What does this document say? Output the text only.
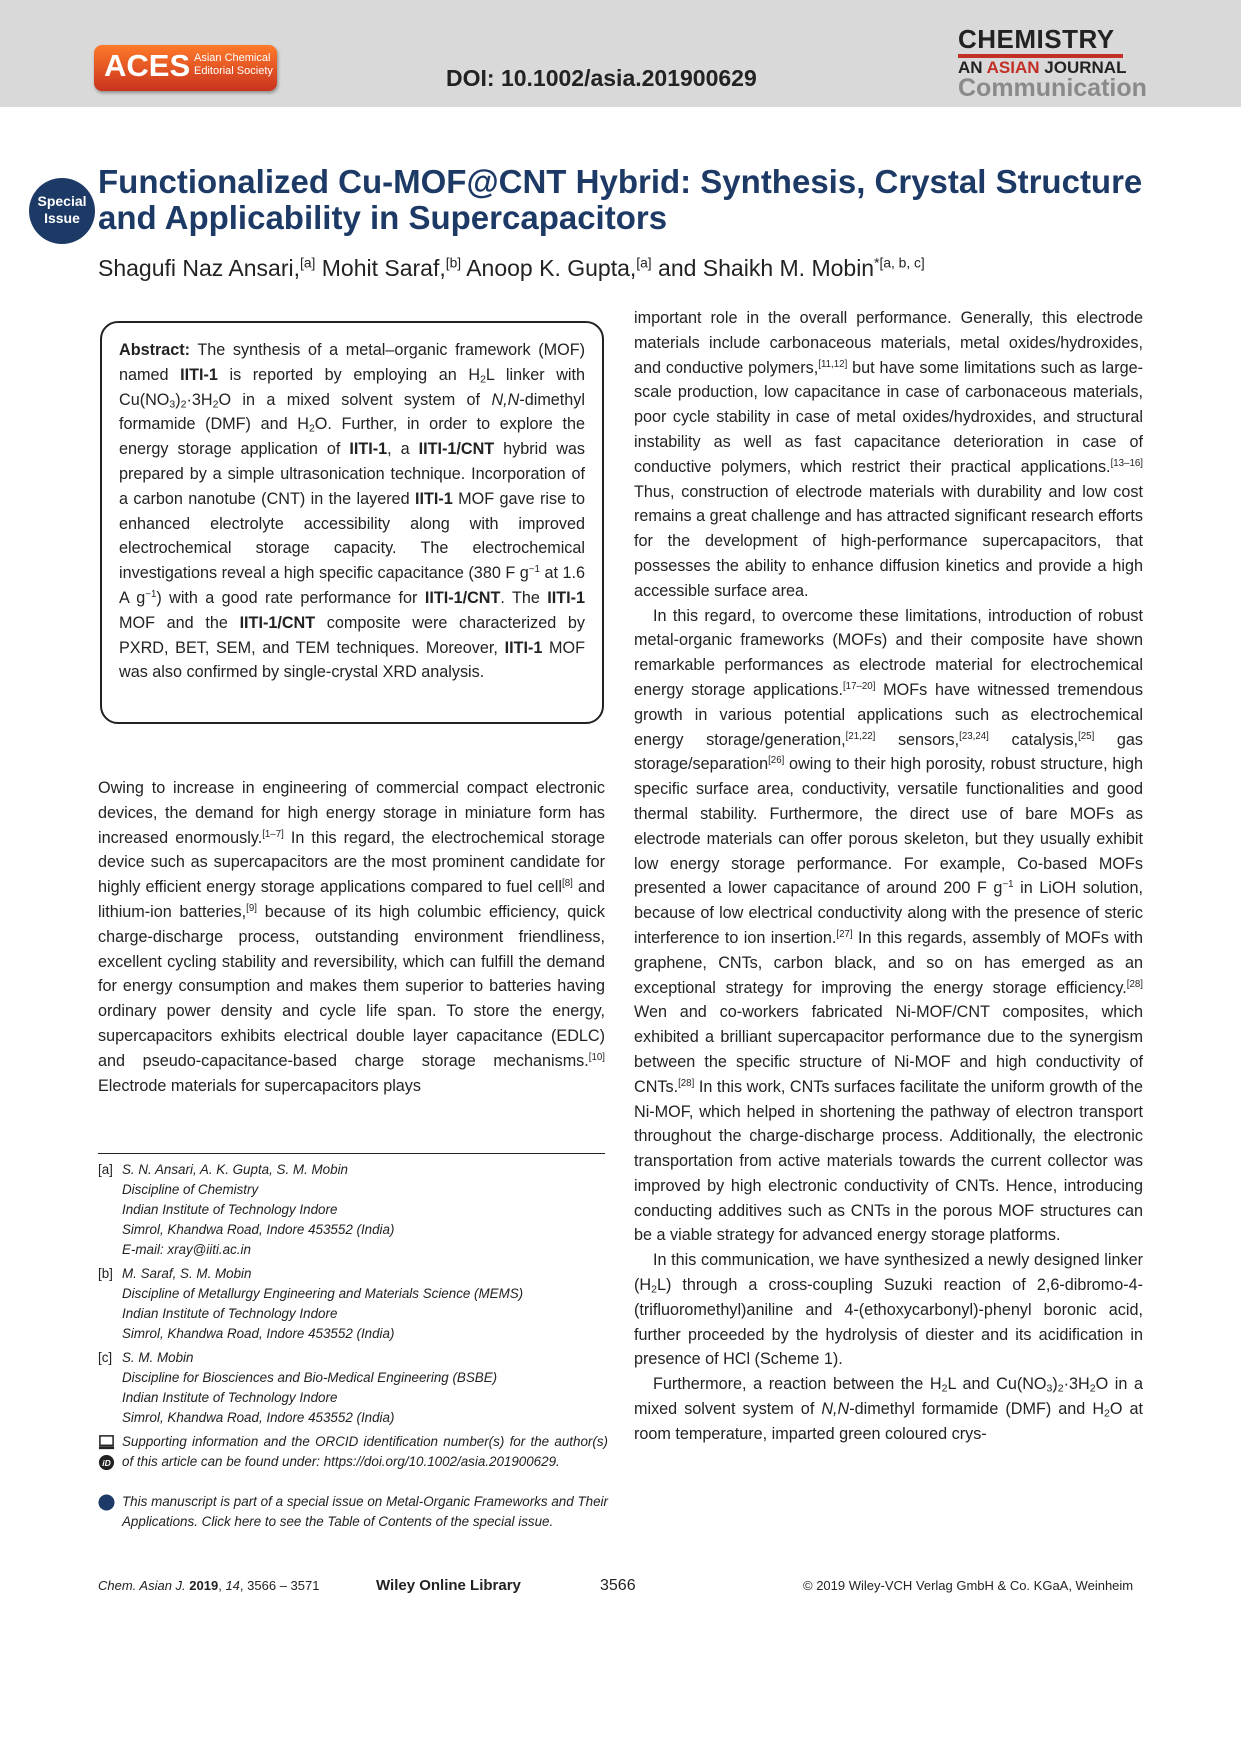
ACES Asian Chemical
Editorial Society	DOI: 10.1002/asia.201900629
CHEMISTRY
AN ASIAN JOURNAL
Communication
Special
Issue
Functionalized Cu-MOF@CNT Hybrid: Synthesis, Crystal Structure and Applicability in Supercapacitors
Shagufi Naz Ansari,[a] Mohit Saraf,[b] Anoop K. Gupta,[a] and Shaikh M. Mobin$^{*[a, b, c]}$

Abstract: The synthesis of a metal–organic framework (MOF) named IITI-1 is reported by employing an $H_2L$ linker with $Cu(NO_3)_2\cdot 3H_2O$ in a mixed solvent system of N,N-dimethyl formamide (DMF) and $H_2O$. Further, in order to explore the energy storage application of IITI-1, a IITI-1/CNT hybrid was prepared by a simple ultrasonication technique. Incorporation of a carbon nanotube (CNT) in the layered IITI-1 MOF gave rise to enhanced electrolyte accessibility along with improved electrochemical storage capacity. The electrochemical investigations reveal a high specific capacitance (380 F $g^{-1}$ at 1.6 A $g^{-1}$) with a good rate performance for IITI-1/CNT. The IITI-1 MOF and the IITI-1/CNT composite were characterized by PXRD, BET, SEM, and TEM techniques. Moreover, IITI-1 MOF was also confirmed by single-crystal XRD analysis.

Owing to increase in engineering of commercial compact electronic devices, the demand for high energy storage in miniature form has increased enormously.[1–7] In this regard, the electrochemical storage device such as supercapacitors are the most prominent candidate for highly efficient energy storage applications compared to fuel cell[8] and lithium-ion batteries,[9] because of its high columbic efficiency, quick charge-discharge process, outstanding environment friendliness, excellent cycling stability and reversibility, which can fulfill the demand for energy consumption and makes them superior to batteries having ordinary power density and cycle life span. To store the energy, supercapacitors exhibits electrical double layer capacitance (EDLC) and pseudo-capacitance-based charge storage mechanisms.[10] Electrode materials for supercapacitors plays

[a] S. N. Ansari, A. K. Gupta, S. M. Mobin
Discipline of Chemistry
Indian Institute of Technology Indore
Simrol, Khandwa Road, Indore 453552 (India)
E-mail: xray@iiti.ac.in
[b] M. Saraf, S. M. Mobin
Discipline of Metallurgy Engineering and Materials Science (MEMS)
Indian Institute of Technology Indore
Simrol, Khandwa Road, Indore 453552 (India)
[c] S. M. Mobin
Discipline for Biosciences and Bio-Medical Engineering (BSBE)
Indian Institute of Technology Indore
Simrol, Khandwa Road, Indore 453552 (India)
iD
Supporting information and the ORCID identification number(s) for the author(s) of this article can be found under: https://doi.org/10.1002/asia.201900629.
This manuscript is part of a special issue on Metal-Organic Frameworks and Their Applications. Click here to see the Table of Contents of the special issue.

important role in the overall performance. Generally, this electrode materials include carbonaceous materials, metal oxides/hydroxides, and conductive polymers,[11,12] but have some limitations such as large-scale production, low capacitance in case of carbonaceous materials, poor cycle stability in case of metal oxides/hydroxides, and structural instability as well as fast capacitance deterioration in case of conductive polymers, which restrict their practical applications.[13–16] Thus, construction of electrode materials with durability and low cost remains a great challenge and has attracted significant research efforts for the development of high-performance supercapacitors, that possesses the ability to enhance diffusion kinetics and provide a high accessible surface area.

In this regard, to overcome these limitations, introduction of robust metal-organic frameworks (MOFs) and their composite have shown remarkable performances as electrode material for electrochemical energy storage applications.[17–20] MOFs have witnessed tremendous growth in various potential applications such as electrochemical energy storage/generation,[21,22] sensors,[23,24] catalysis,[25] gas storage/separation[26] owing to their high porosity, robust structure, high specific surface area, conductivity, versatile functionalities and good thermal stability. Furthermore, the direct use of bare MOFs as electrode materials can offer porous skeleton, but they usually exhibit low energy storage performance. For example, Co-based MOFs presented a lower capacitance of around 200 F $g^{-1}$ in LiOH solution, because of low electrical conductivity along with the presence of steric interference to ion insertion.[27] In this regards, assembly of MOFs with graphene, CNTs, carbon black, and so on has emerged as an exceptional strategy for improving the energy storage efficiency.[28] Wen and co-workers fabricated Ni-MOF/CNT composites, which exhibited a brilliant supercapacitor performance due to the synergism between the specific structure of Ni-MOF and high conductivity of CNTs.[28] In this work, CNTs surfaces facilitate the uniform growth of the Ni-MOF, which helped in shortening the pathway of electron transport throughout the charge-discharge process. Additionally, the electronic transportation from active materials towards the current collector was improved by high electronic conductivity of CNTs. Hence, introducing conducting additives such as CNTs in the porous MOF structures can be a viable strategy for advanced energy storage platforms.

In this communication, we have synthesized a newly designed linker $(H_2L)$ through a cross-coupling Suzuki reaction of 2,6-dibromo-4-(trifluoromethyl)aniline and 4-(ethoxycarbonyl)-phenyl boronic acid, further proceeded by the hydrolysis of diester and its acidification in presence of HCl (Scheme 1).

Furthermore, a reaction between the $H_2L$ and $Cu(NO_3)_2\cdot 3H_2O$ in a mixed solvent system of N,N-dimethyl formamide (DMF) and $H_2O$ at room temperature, imparted green coloured crys-

Chem. Asian J. 2019, 14, 3566 – 3571	Wiley Online Library	3566	© 2019 Wiley-VCH Verlag GmbH & Co. KGaA, Weinheim
